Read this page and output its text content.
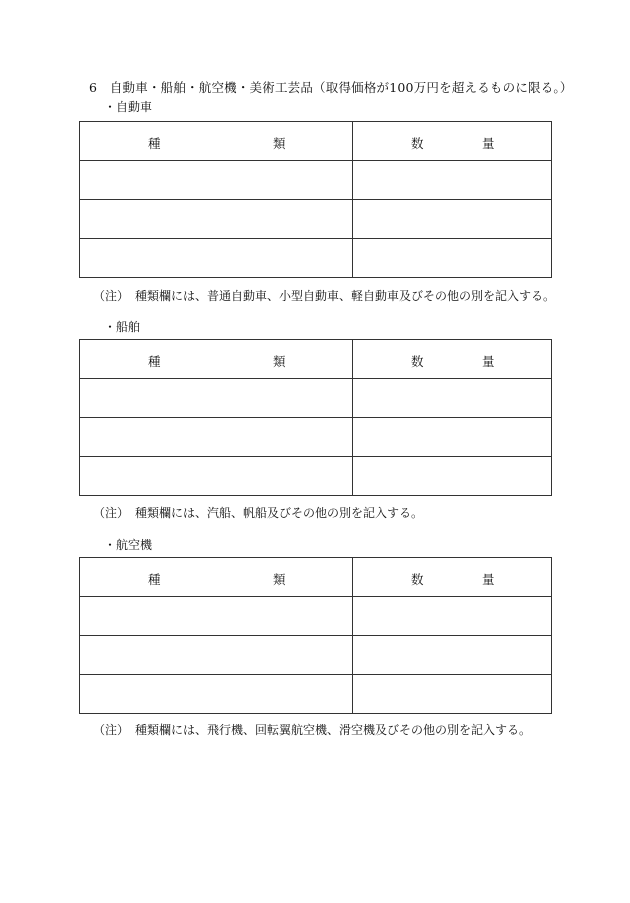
6　自動車・船舶・航空機・美術工芸品（取得価格が100万円を超えるものに限る。）
・自動車
種 類	数 量

（注）　種類欄には、普通自動車、小型自動車、軽自動車及びその他の別を記入する。
・船舶
種 類	数 量

（注）　種類欄には、汽船、帆船及びその他の別を記入する。
・航空機
種 類	数 量

（注）　種類欄には、飛行機、回転翼航空機、滑空機及びその他の別を記入する。
